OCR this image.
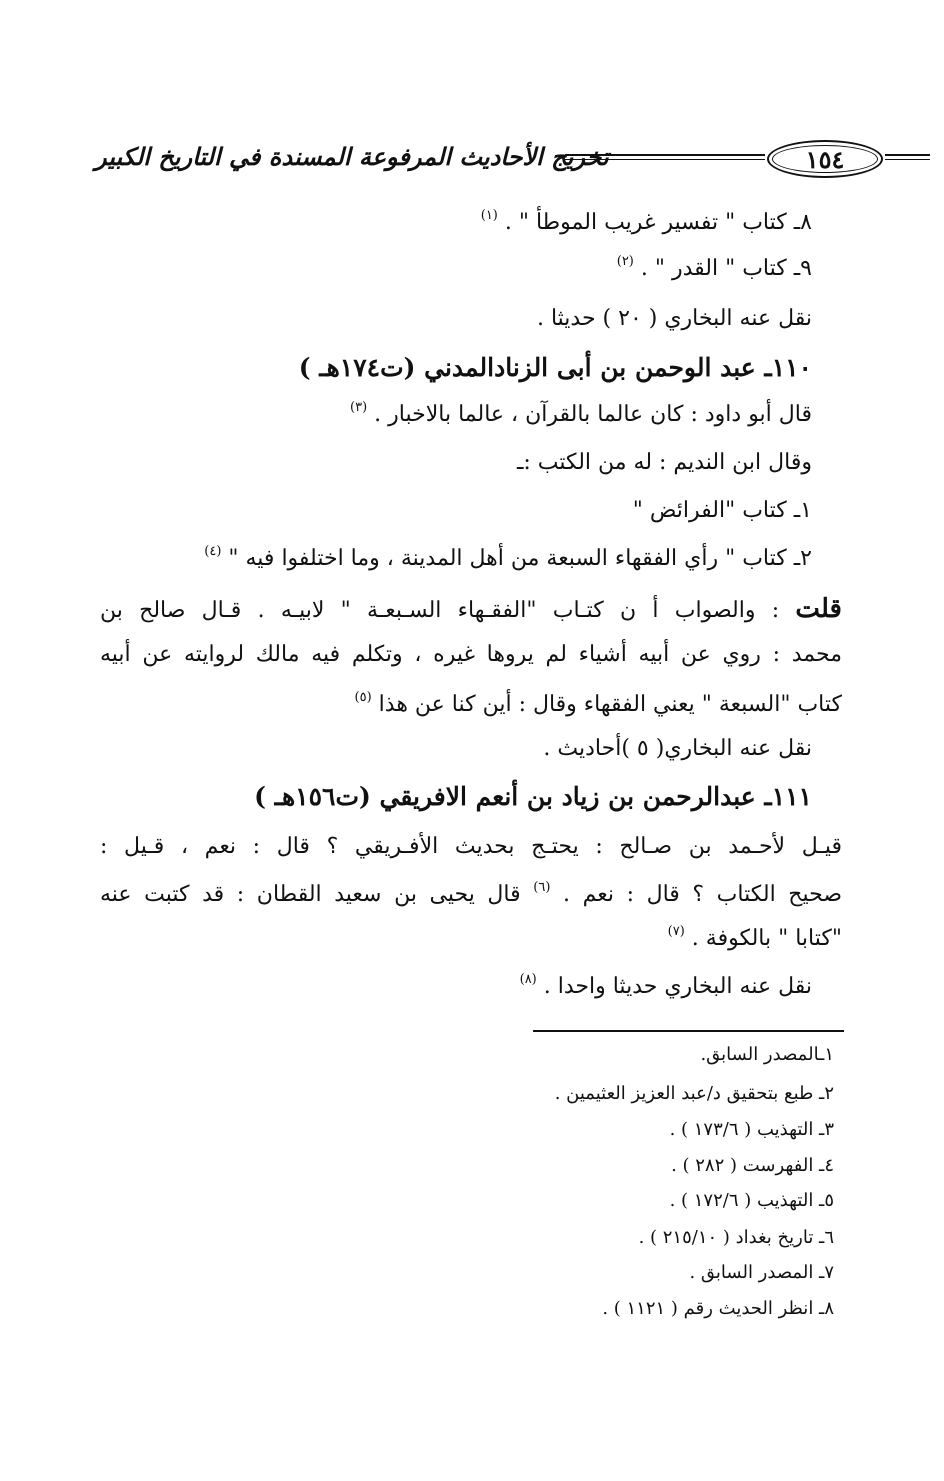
تخريج الأحاديث المرفوعة المسندة في التاريخ الكبير	١٥٤
٨ـ كتاب " تفسير غريب الموطأ " . $^{(١)}$
٩ـ كتاب " القدر " . $^{(٢)}$
نقل عنه البخاري ( ٢٠ ) حديثا .
١١٠ـ عبد الوحمن بن أبى الزنادالمدني (ت١٧٤هـ )
قال أبو داود : كان عالما بالقرآن ، عالما بالاخبار . $^{(٣)}$
وقال ابن النديم : له من الكتب :ـ
١ـ كتاب "الفرائض "
٢ـ كتاب " رأي الفقهاء السبعة من أهل المدينة ، وما اختلفوا فيه " $^{(٤)}$
قلت : والصواب أ ن كتـاب "الفقـهاء السـبعـة " لابيـه . قـال صالح بن
محمد : روي عن أبيه أشياء لم يروها غيره ، وتكلم فيه مالك لروايته عن أبيه
كتاب "السبعة " يعني الفقهاء وقال : أين كنا عن هذا $^{(٥)}$
نقل عنه البخاري( ٥ )أحاديث .
١١١ـ عبدالرحمن بن زياد بن أنعم الافريقي (ت١٥٦هـ )
قيـل لأحـمد بن صـالح : يحتـج بحديث الأفـريقي ؟ قال : نعم ، قـيل :
صحيح الكتاب ؟ قال : نعم . $^{(٦)}$ قال يحيى بن سعيد القطان : قد كتبت عنه
"كتابا " بالكوفة . $^{(٧)}$
نقل عنه البخاري حديثا واحدا . $^{(٨)}$
١ـالمصدر السابق.
٢ـ طبع بتحقيق د/عبد العزيز العثيمين .
٣ـ التهذيب ( ١٧٣/٦ ) .
٤ـ الفهرست ( ٢٨٢ ) .
٥ـ التهذيب ( ١٧٢/٦ ) .
٦ـ تاريخ بغداد ( ٢١٥/١٠ ) .
٧ـ المصدر السابق .
٨ـ انظر الحديث رقم ( ١١٢١ ) .
